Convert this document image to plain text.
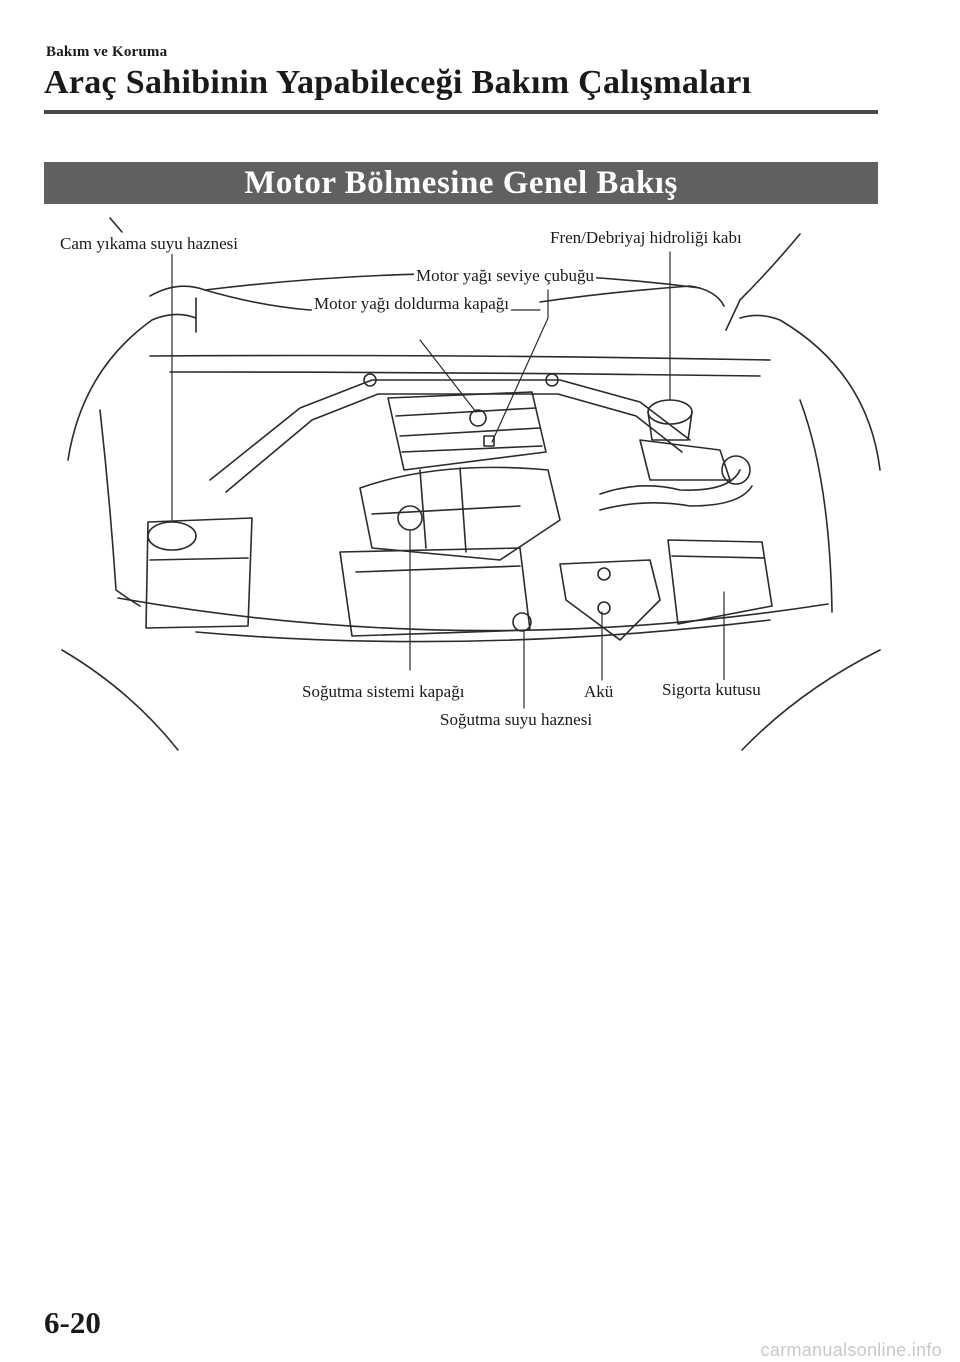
Bakım ve Koruma
Araç Sahibinin Yapabileceği Bakım Çalışmaları
Motor Bölmesine Genel Bakış
Cam yıkama suyu haznesi	Fren/Debriyaj hidroliği kabı
Motor yağı seviye çubuğu
Motor yağı doldurma kapağı
Soğutma sistemi kapağı	Akü	Sigorta kutusu
Soğutma suyu haznesi
6-20
carmanualsonline.info
